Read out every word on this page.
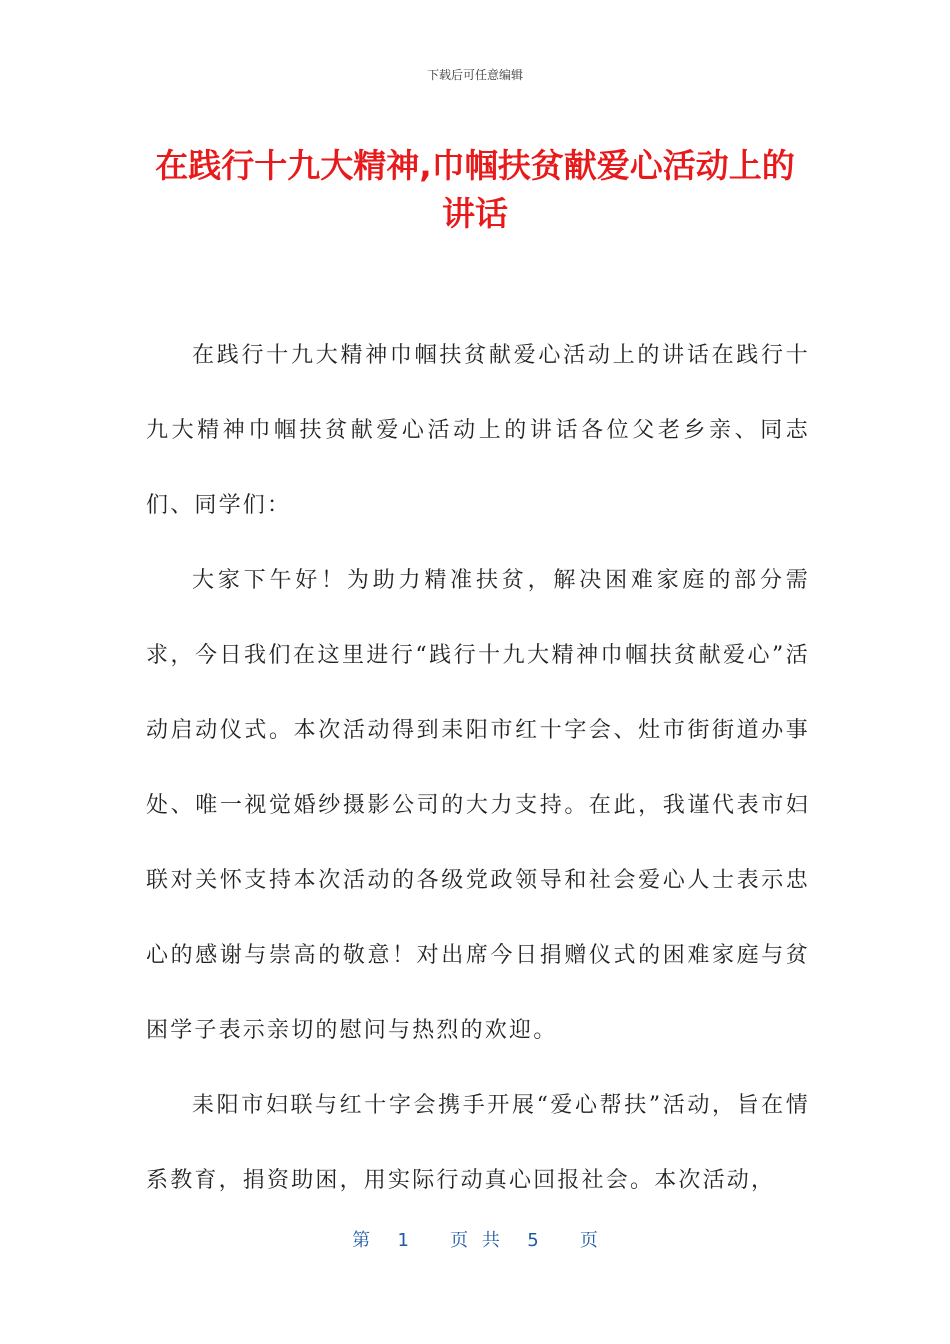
下载后可任意编辑
在践行十九大精神,巾帼扶贫献爱心活动上的讲话

在践行十九大精神巾帼扶贫献爱心活动上的讲话在践行十九大精神巾帼扶贫献爱心活动上的讲话各位父老乡亲、同志们、同学们：

大家下午好！为助力精准扶贫，解决困难家庭的部分需求，今日我们在这里进行“践行十九大精神巾帼扶贫献爱心”活动启动仪式。本次活动得到耒阳市红十字会、灶市街街道办事处、唯一视觉婚纱摄影公司的大力支持。在此，我谨代表市妇联对关怀支持本次活动的各级党政领导和社会爱心人士表示忠心的感谢与崇高的敬意！对出席今日捐赠仪式的困难家庭与贫困学子表示亲切的慰问与热烈的欢迎。

耒阳市妇联与红十字会携手开展“爱心帮扶”活动，旨在情系教育，捐资助困，用实际行动真心回报社会。本次活动，

第  1   页 共  5   页
